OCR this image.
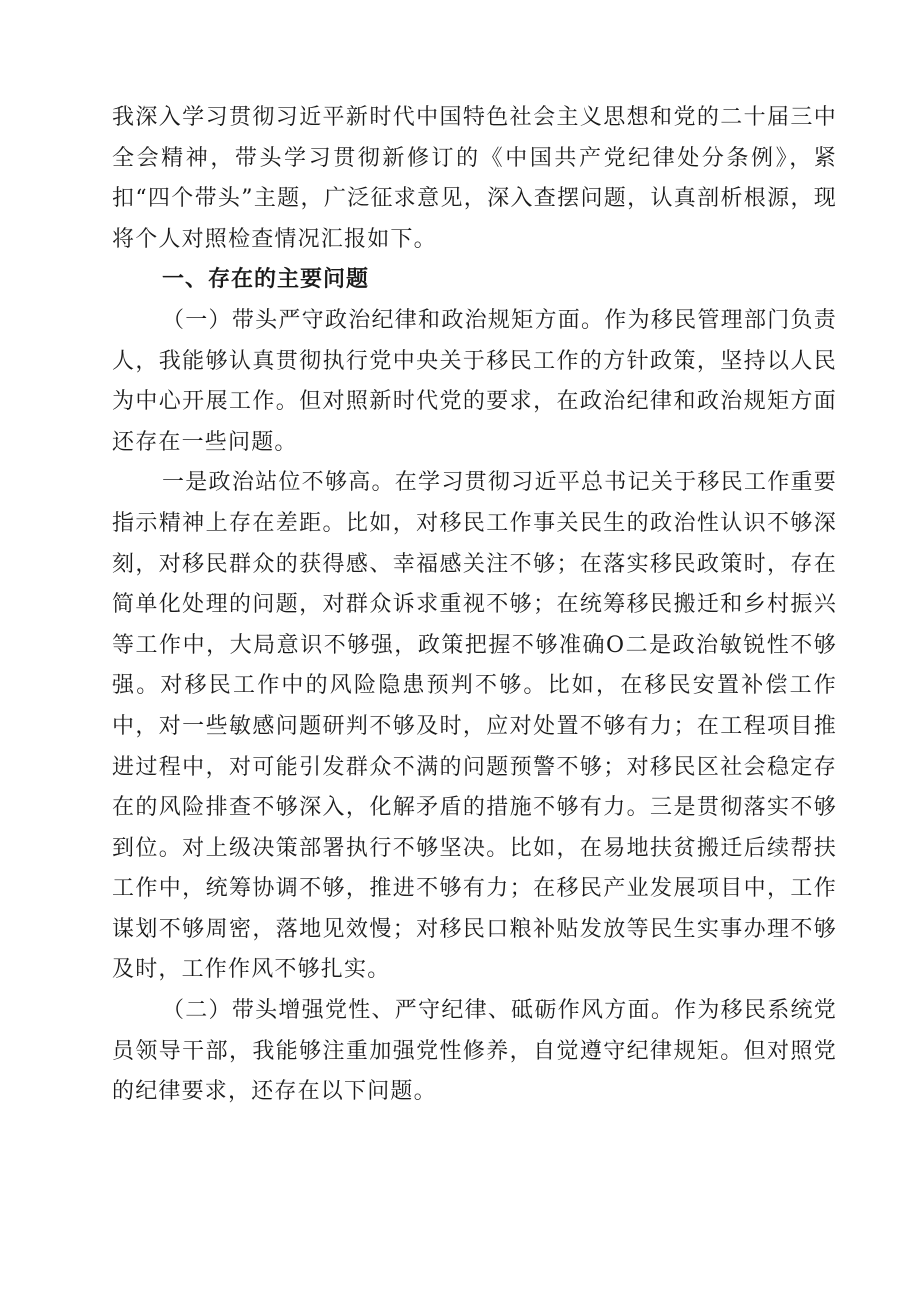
我深入学习贯彻习近平新时代中国特色社会主义思想和党的二十届三中全会精神，带头学习贯彻新修订的《中国共产党纪律处分条例》，紧扣“四个带头”主题，广泛征求意见，深入查摆问题，认真剖析根源，现将个人对照检查情况汇报如下。

一、存在的主要问题

（一）带头严守政治纪律和政治规矩方面。作为移民管理部门负责人，我能够认真贯彻执行党中央关于移民工作的方针政策，坚持以人民为中心开展工作。但对照新时代党的要求，在政治纪律和政治规矩方面还存在一些问题。

一是政治站位不够高。在学习贯彻习近平总书记关于移民工作重要指示精神上存在差距。比如，对移民工作事关民生的政治性认识不够深刻，对移民群众的获得感、幸福感关注不够；在落实移民政策时，存在简单化处理的问题，对群众诉求重视不够；在统筹移民搬迁和乡村振兴等工作中，大局意识不够强，政策把握不够准确O二是政治敏锐性不够强。对移民工作中的风险隐患预判不够。比如，在移民安置补偿工作中，对一些敏感问题研判不够及时，应对处置不够有力；在工程项目推进过程中，对可能引发群众不满的问题预警不够；对移民区社会稳定存在的风险排查不够深入，化解矛盾的措施不够有力。三是贯彻落实不够到位。对上级决策部署执行不够坚决。比如，在易地扶贫搬迁后续帮扶工作中，统筹协调不够，推进不够有力；在移民产业发展项目中，工作谋划不够周密，落地见效慢；对移民口粮补贴发放等民生实事办理不够及时，工作作风不够扎实。

（二）带头增强党性、严守纪律、砥砺作风方面。作为移民系统党员领导干部，我能够注重加强党性修养，自觉遵守纪律规矩。但对照党的纪律要求，还存在以下问题。
